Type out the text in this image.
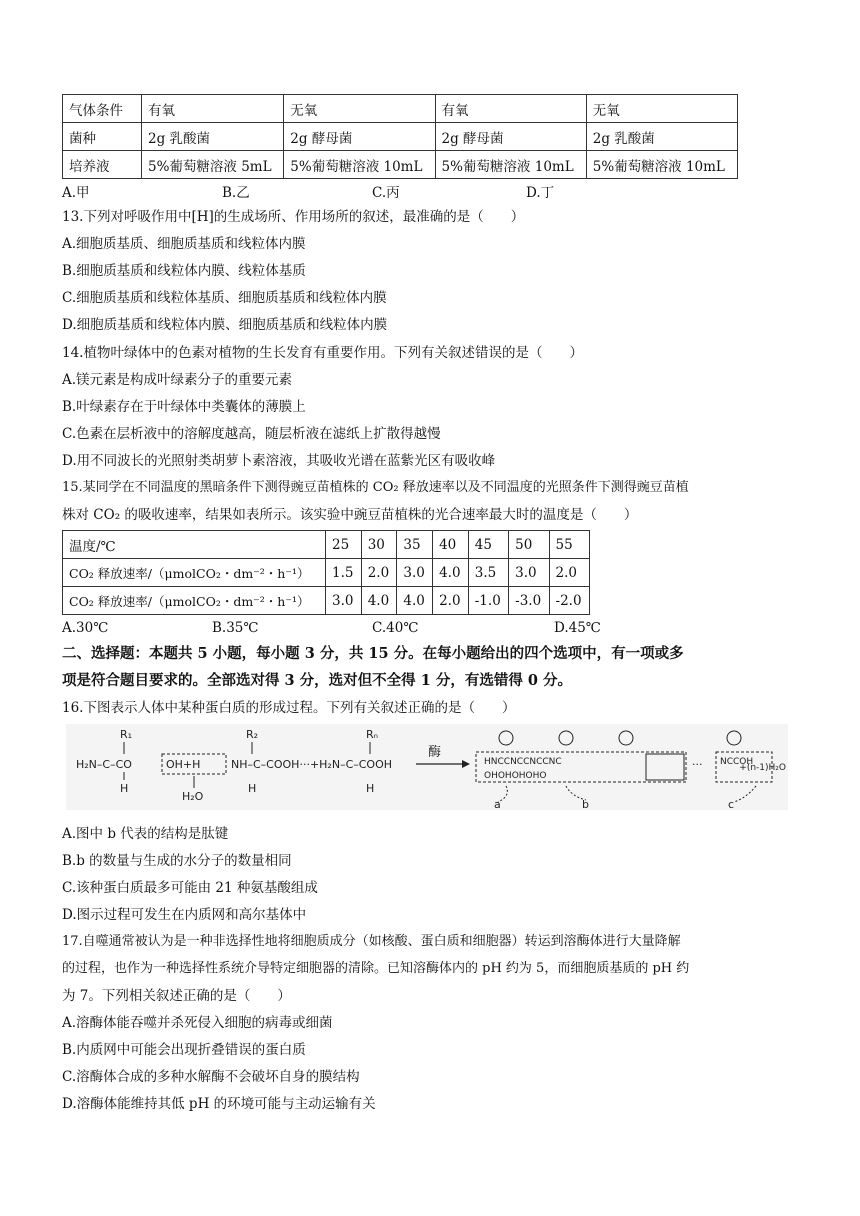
气体条件	有氧	无氧	有氧	无氧
菌种	2g 乳酸菌	2g 酵母菌	2g 酵母菌	2g 乳酸菌
培养液	5%葡萄糖溶液 5mL	5%葡萄糖溶液 10mL	5%葡萄糖溶液 10mL	5%葡萄糖溶液 10mL
A.甲	B.乙	C.丙	D.丁
13.下列对呼吸作用中[H]的生成场所、作用场所的叙述，最准确的是（　　）
A.细胞质基质、细胞质基质和线粒体内膜
B.细胞质基质和线粒体内膜、线粒体基质
C.细胞质基质和线粒体基质、细胞质基质和线粒体内膜
D.细胞质基质和线粒体内膜、细胞质基质和线粒体内膜
14.植物叶绿体中的色素对植物的生长发育有重要作用。下列有关叙述错误的是（　　）
A.镁元素是构成叶绿素分子的重要元素
B.叶绿素存在于叶绿体中类囊体的薄膜上
C.色素在层析液中的溶解度越高，随层析液在滤纸上扩散得越慢
D.用不同波长的光照射类胡萝卜素溶液，其吸收光谱在蓝紫光区有吸收峰
15.某同学在不同温度的黑暗条件下测得豌豆苗植株的 CO₂ 释放速率以及不同温度的光照条件下测得豌豆苗植
株对 CO₂ 的吸收速率，结果如表所示。该实验中豌豆苗植株的光合速率最大时的温度是（　　）
温度/℃	25	30	35	40	45	50	55
CO₂ 释放速率/（μmolCO₂・dm⁻²・h⁻¹）	1.5	2.0	3.0	4.0	3.5	3.0	2.0
CO₂ 释放速率/（μmolCO₂・dm⁻²・h⁻¹）	3.0	4.0	4.0	2.0	-1.0	-3.0	-2.0
A.30℃	B.35℃	C.40℃	D.45℃
二、选择题：本题共 5 小题，每小题 3 分，共 15 分。在每小题给出的四个选项中，有一项或多
项是符合题目要求的。全部选对得 3 分，选对但不全得 1 分，有选错得 0 分。
16.下图表示人体中某种蛋白质的形成过程。下列有关叙述正确的是（　　）
R₁
H₂N–C–CO
H
OH+H
H₂O
NH–C–COOH···+H₂N–C–COOH
R₂
H
Rₙ
H
酶
HNCCNCCNCCNC
OHOHOHOHO
··· NCCOH
+(n-1)H₂O
a	b	c
A.图中 b 代表的结构是肽键
B.b 的数量与生成的水分子的数量相同
C.该种蛋白质最多可能由 21 种氨基酸组成
D.图示过程可发生在内质网和高尔基体中
17.自噬通常被认为是一种非选择性地将细胞质成分（如核酸、蛋白质和细胞器）转运到溶酶体进行大量降解
的过程，也作为一种选择性系统介导特定细胞器的清除。已知溶酶体内的 pH 约为 5，而细胞质基质的 pH 约
为 7。下列相关叙述正确的是（　　）
A.溶酶体能吞噬并杀死侵入细胞的病毒或细菌
B.内质网中可能会出现折叠错误的蛋白质
C.溶酶体合成的多种水解酶不会破坏自身的膜结构
D.溶酶体能维持其低 pH 的环境可能与主动运输有关
